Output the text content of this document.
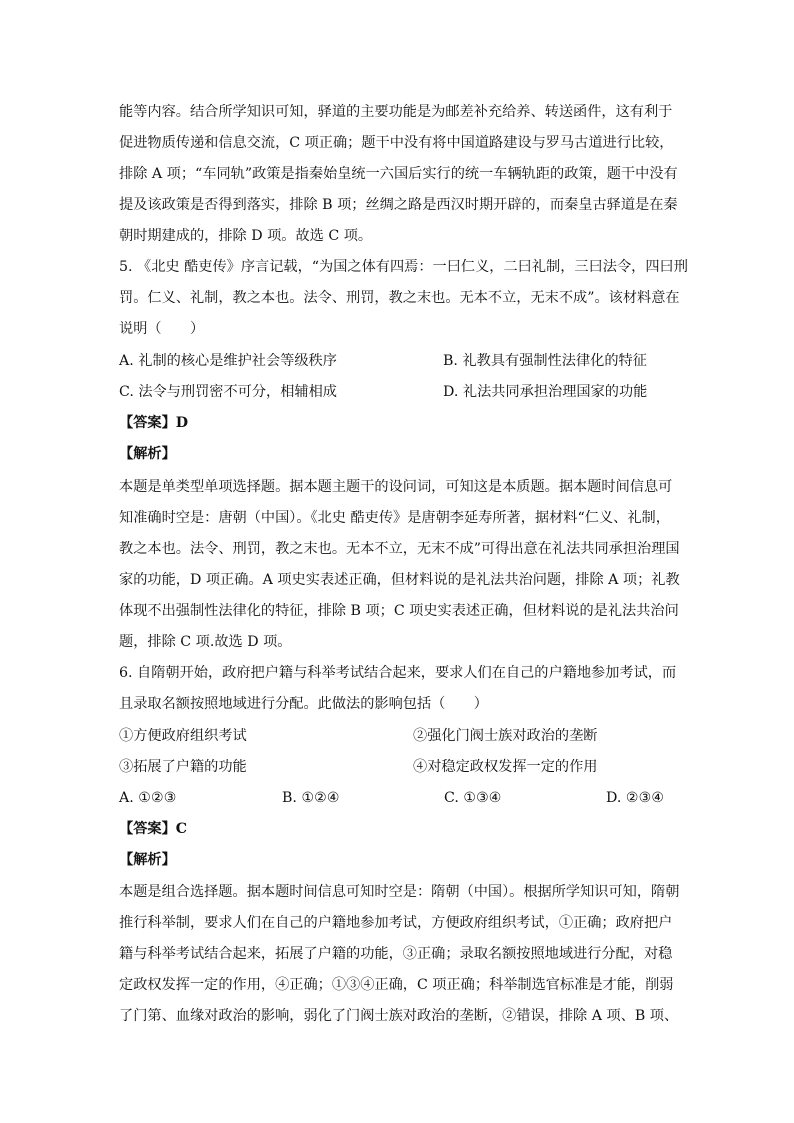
能等内容。结合所学知识可知，驿道的主要功能是为邮差补充给养、转送函件，这有利于
促进物质传递和信息交流，C 项正确；题干中没有将中国道路建设与罗马古道进行比较，
排除 A 项；“车同轨”政策是指秦始皇统一六国后实行的统一车辆轨距的政策，题干中没有
提及该政策是否得到落实，排除 B 项；丝绸之路是西汉时期开辟的，而秦皇古驿道是在秦
朝时期建成的，排除 D 项。故选 C 项。
5. 《北史 酷吏传》序言记载，“为国之体有四焉：一曰仁义，二曰礼制，三曰法令，四曰刑
罚。仁义、礼制，教之本也。法令、刑罚，教之末也。无本不立，无末不成”。该材料意在
说明（　　）
A. 礼制的核心是维护社会等级秩序	B. 礼教具有强制性法律化的特征
C. 法令与刑罚密不可分，相辅相成	D. 礼法共同承担治理国家的功能
【答案】D
【解析】
本题是单类型单项选择题。据本题主题干的设问词，可知这是本质题。据本题时间信息可
知准确时空是：唐朝（中国）。《北史 酷吏传》是唐朝李延寿所著，据材料“仁义、礼制，
教之本也。法令、刑罚，教之末也。无本不立，无末不成”可得出意在礼法共同承担治理国
家的功能，D 项正确。A 项史实表述正确，但材料说的是礼法共治问题，排除 A 项；礼教
体现不出强制性法律化的特征，排除 B 项；C 项史实表述正确，但材料说的是礼法共治问
题，排除 C 项.故选 D 项。
6. 自隋朝开始，政府把户籍与科举考试结合起来，要求人们在自己的户籍地参加考试，而
且录取名额按照地域进行分配。此做法的影响包括（　　）
①方便政府组织考试	②强化门阀士族对政治的垄断
③拓展了户籍的功能	④对稳定政权发挥一定的作用
A. ①②③	B. ①②④	C. ①③④	D. ②③④
【答案】C
【解析】
本题是组合选择题。据本题时间信息可知时空是：隋朝（中国）。根据所学知识可知，隋朝
推行科举制，要求人们在自己的户籍地参加考试，方便政府组织考试，①正确；政府把户
籍与科举考试结合起来，拓展了户籍的功能，③正确；录取名额按照地域进行分配，对稳
定政权发挥一定的作用，④正确；①③④正确，C 项正确；科举制选官标准是才能，削弱
了门第、血缘对政治的影响，弱化了门阀士族对政治的垄断，②错误，排除 A 项、B 项、
